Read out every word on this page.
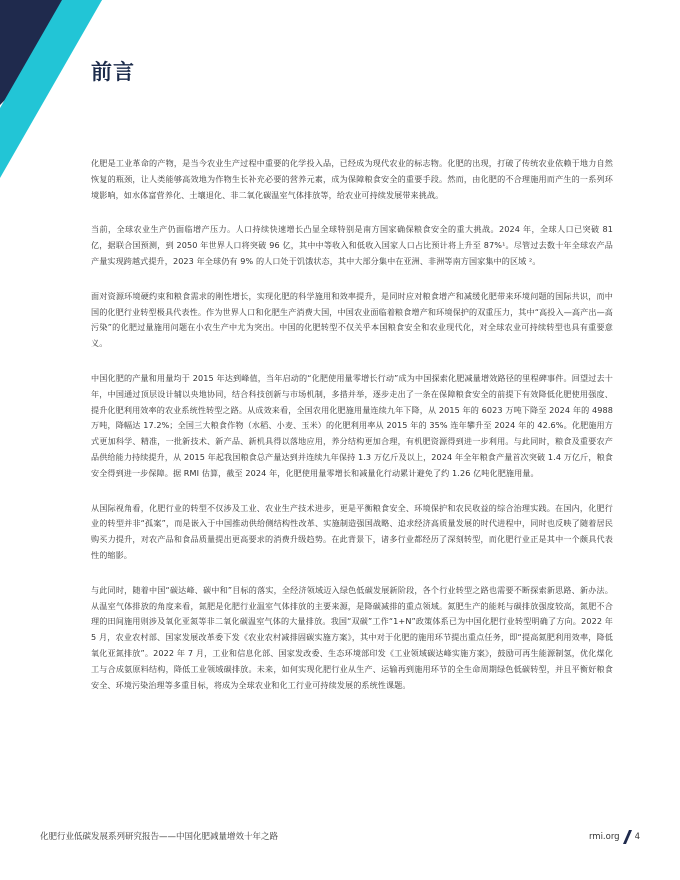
前言

化肥是工业革命的产物，是当今农业生产过程中重要的化学投入品，已经成为现代农业的标志物。化肥的出现，打破了传统农业依赖于地力自然恢复的瓶颈，让人类能够高效地为作物生长补充必要的营养元素，成为保障粮食安全的重要手段。然而，由化肥的不合理施用而产生的一系列环境影响，如水体富营养化、土壤退化、非二氧化碳温室气体排放等，给农业可持续发展带来挑战。

当前，全球农业生产仍面临增产压力。人口持续快速增长凸显全球特别是南方国家确保粮食安全的重大挑战。2024 年，全球人口已突破 81 亿，据联合国预测，到 2050 年世界人口将突破 96 亿，其中中等收入和低收入国家人口占比预计将上升至 87%¹。尽管过去数十年全球农产品产量实现跨越式提升，2023 年全球仍有 9% 的人口处于饥饿状态，其中大部分集中在亚洲、非洲等南方国家集中的区域 ²。

面对资源环境硬约束和粮食需求的刚性增长，实现化肥的科学施用和效率提升，是同时应对粮食增产和减缓化肥带来环境问题的国际共识，而中国的化肥行业转型极具代表性。作为世界人口和化肥生产消费大国，中国农业面临着粮食增产和环境保护的双重压力，其中“高投入—高产出—高污染”的化肥过量施用问题在小农生产中尤为突出。中国的化肥转型不仅关乎本国粮食安全和农业现代化，对全球农业可持续转型也具有重要意义。

中国化肥的产量和用量均于 2015 年达到峰值，当年启动的“化肥使用量零增长行动”成为中国探索化肥减量增效路径的里程碑事件。回望过去十年，中国通过顶层设计辅以央地协同，结合科技创新与市场机制，多措并举，逐步走出了一条在保障粮食安全的前提下有效降低化肥使用强度、提升化肥利用效率的农业系统性转型之路。从成效来看，全国农用化肥施用量连续九年下降，从 2015 年的 6023 万吨下降至 2024 年的 4988 万吨，降幅达 17.2%；全国三大粮食作物（水稻、小麦、玉米）的化肥利用率从 2015 年的 35% 连年攀升至 2024 年的 42.6%。化肥施用方式更加科学、精准，一批新技术、新产品、新机具得以落地应用，养分结构更加合理，有机肥资源得到进一步利用。与此同时，粮食及重要农产品供给能力持续提升，从 2015 年起我国粮食总产量达到并连续九年保持 1.3 万亿斤及以上，2024 年全年粮食产量首次突破 1.4 万亿斤，粮食安全得到进一步保障。据 RMI 估算，截至 2024 年，化肥使用量零增长和减量化行动累计避免了约 1.26 亿吨化肥施用量。

从国际视角看，化肥行业的转型不仅涉及工业、农业生产技术进步，更是平衡粮食安全、环境保护和农民收益的综合治理实践。在国内，化肥行业的转型并非“孤案”，而是嵌入于中国推动供给侧结构性改革、实施制造强国战略、追求经济高质量发展的时代进程中，同时也反映了随着居民购买力提升，对农产品和食品质量提出更高要求的消费升级趋势。在此背景下，诸多行业都经历了深刻转型，而化肥行业正是其中一个颇具代表性的缩影。

与此同时，随着中国“碳达峰、碳中和”目标的落实，全经济领域迈入绿色低碳发展新阶段，各个行业转型之路也需要不断探索新思路、新办法。从温室气体排放的角度来看，氮肥是化肥行业温室气体排放的主要来源，是降碳减排的重点领域。氮肥生产的能耗与碳排放强度较高，氮肥不合理的田间施用则涉及氧化亚氮等非二氧化碳温室气体的大量排放。我国“双碳”工作“1+N”政策体系已为中国化肥行业转型明确了方向。2022 年 5 月，农业农村部、国家发展改革委下发《农业农村减排固碳实施方案》，其中对于化肥的施用环节提出重点任务，即“提高氮肥利用效率，降低氧化亚氮排放”。2022 年 7 月，工业和信息化部、国家发改委、生态环境部印发《工业领域碳达峰实施方案》，鼓励可再生能源制氢，优化煤化工与合成氨原料结构，降低工业领域碳排放。未来，如何实现化肥行业从生产、运输再到施用环节的全生命周期绿色低碳转型，并且平衡好粮食安全、环境污染治理等多重目标，将成为全球农业和化工行业可持续发展的系统性课题。

化肥行业低碳发展系列研究报告——中国化肥减量增效十年之路	rmi.org 4
